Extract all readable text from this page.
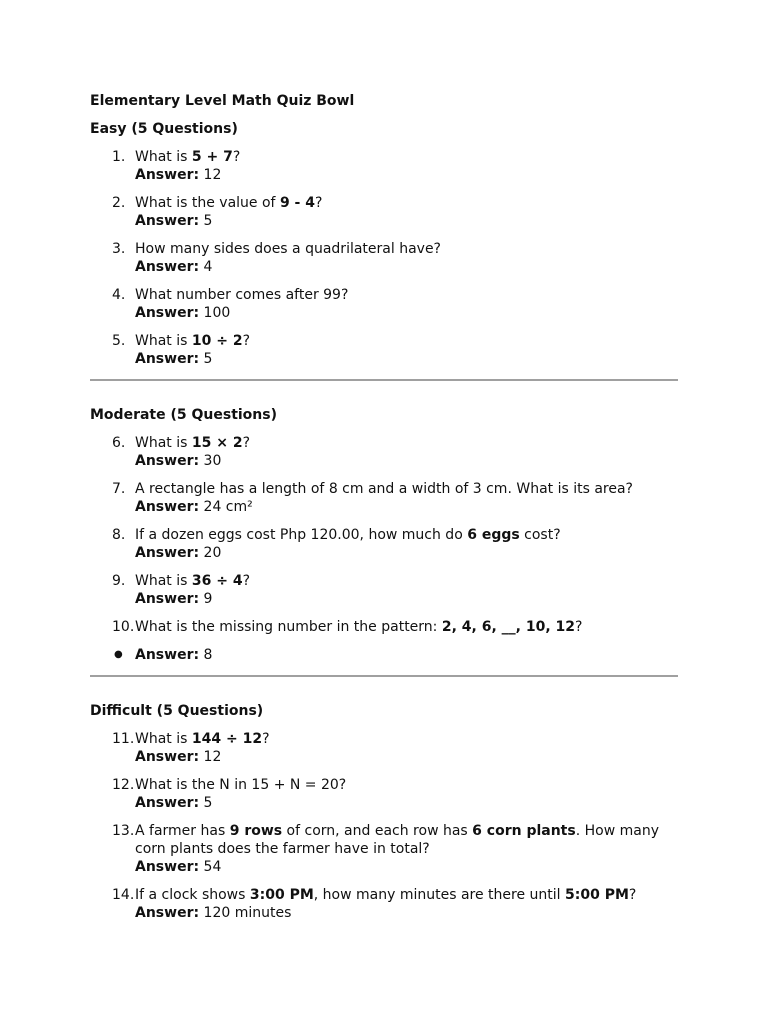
Elementary Level Math Quiz Bowl

Easy (5 Questions)

1. What is 5 + 7?
Answer: 12
2. What is the value of 9 - 4?
Answer: 5
3. How many sides does a quadrilateral have?
Answer: 4
4. What number comes after 99?
Answer: 100
5. What is 10 ÷ 2?
Answer: 5

Moderate (5 Questions)

6. What is 15 × 2?
Answer: 30
7. A rectangle has a length of 8 cm and a width of 3 cm. What is its area?
Answer: 24 cm²
8. If a dozen eggs cost Php 120.00, how much do 6 eggs cost?
Answer: 20
9. What is 36 ÷ 4?
Answer: 9
10. What is the missing number in the pattern: 2, 4, 6, __, 10, 12?
● Answer: 8

Difficult (5 Questions)

11. What is 144 ÷ 12?
Answer: 12
12. What is the N in 15 + N = 20?
Answer: 5
13. A farmer has 9 rows of corn, and each row has 6 corn plants. How many corn plants does the farmer have in total?
Answer: 54
14. If a clock shows 3:00 PM, how many minutes are there until 5:00 PM?
Answer: 120 minutes
